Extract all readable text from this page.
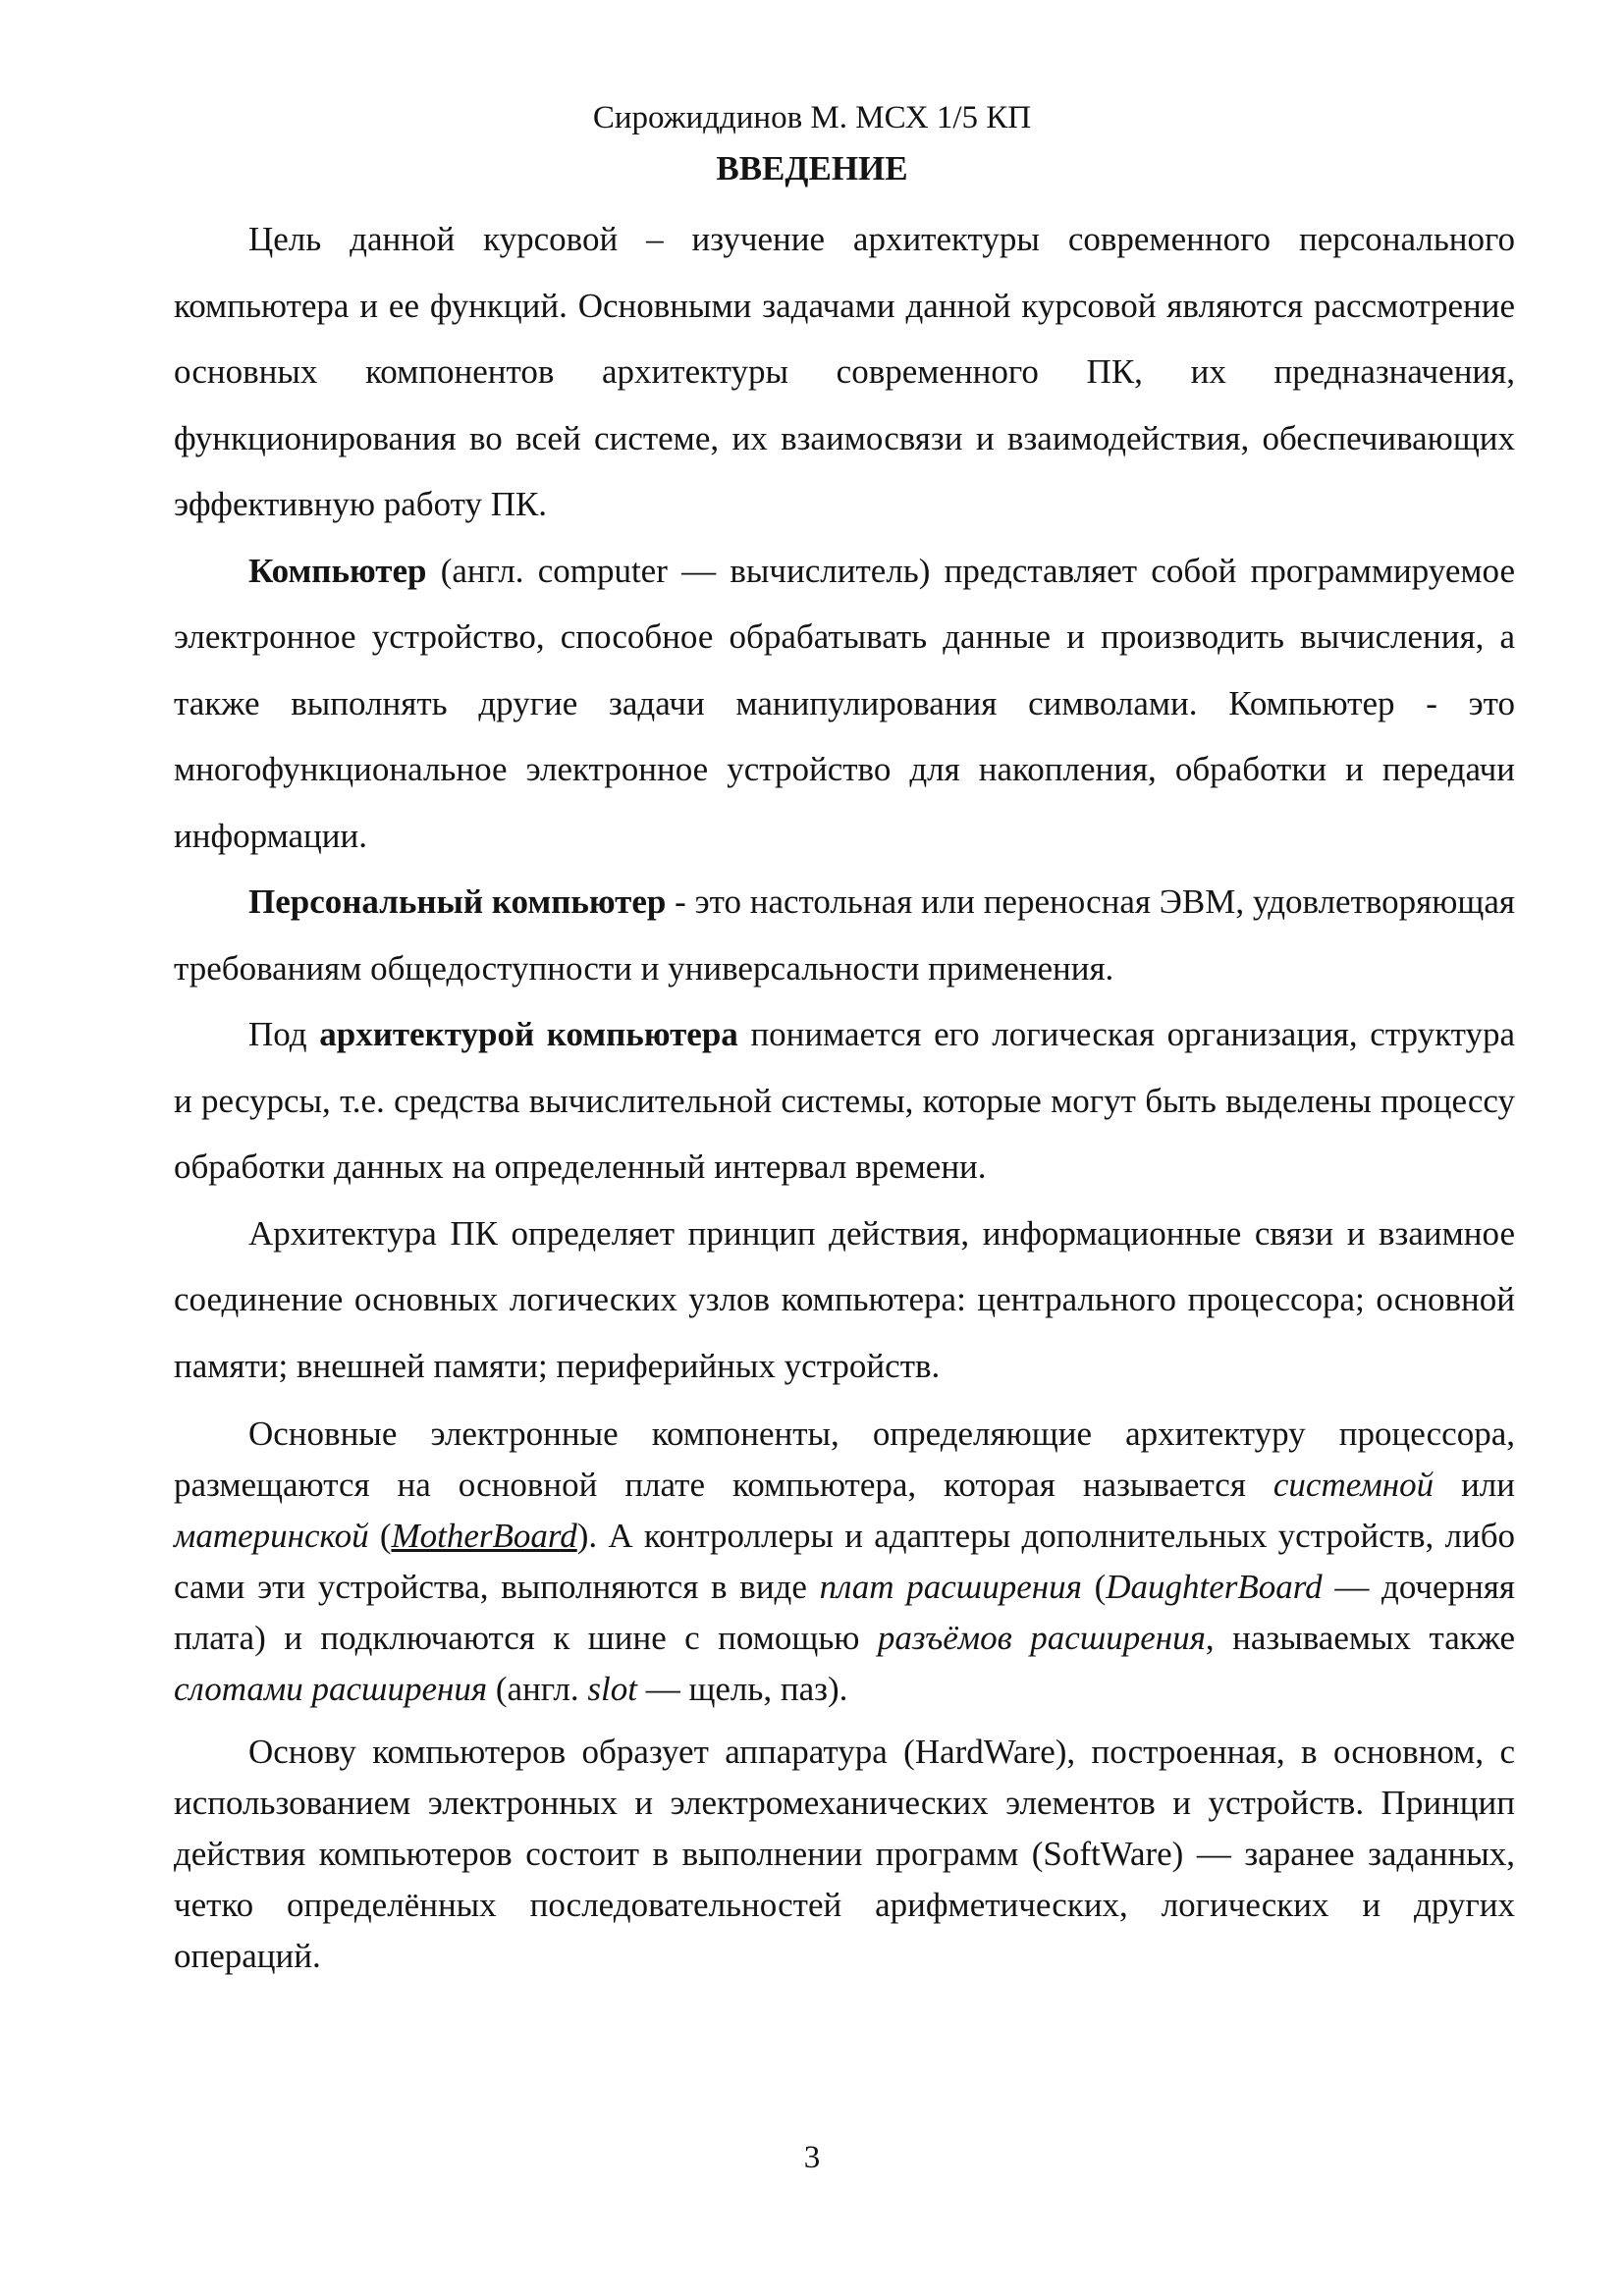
Сирожиддинов М. МСХ 1/5 КП
ВВЕДЕНИЕ

Цель данной курсовой – изучение архитектуры современного персонального компьютера и ее функций. Основными задачами данной курсовой являются рассмотрение основных компонентов архитектуры современного ПК, их предназначения, функционирования во всей системе, их взаимосвязи и взаимодействия, обеспечивающих эффективную работу ПК.

Компьютер (англ. computer — вычислитель) представляет собой программируемое электронное устройство, способное обрабатывать данные и производить вычисления, а также выполнять другие задачи манипулирования символами. Компьютер - это многофункциональное электронное устройство для накопления, обработки и передачи информации.

Персональный компьютер - это настольная или переносная ЭВМ, удовлетворяющая требованиям общедоступности и универсальности применения.

Под архитектурой компьютера понимается его логическая организация, структура и ресурсы, т.е. средства вычислительной системы, которые могут быть выделены процессу обработки данных на определенный интервал времени.

Архитектура ПК определяет принцип действия, информационные связи и взаимное соединение основных логических узлов компьютера: центрального процессора; основной памяти; внешней памяти; периферийных устройств.

Основные электронные компоненты, определяющие архитектуру процессора, размещаются на основной плате компьютера, которая называется системной или материнской (MotherBoard). А контроллеры и адаптеры дополнительных устройств, либо сами эти устройства, выполняются в виде плат расширения (DaughterBoard — дочерняя плата) и подключаются к шине с помощью разъёмов расширения, называемых также слотами расширения (англ. slot — щель, паз).

Основу компьютеров образует аппаратура (HardWare), построенная, в основном, с использованием электронных и электромеханических элементов и устройств. Принцип действия компьютеров состоит в выполнении программ (SoftWare) — заранее заданных, четко определённых последовательностей арифметических, логических и других операций.

3
